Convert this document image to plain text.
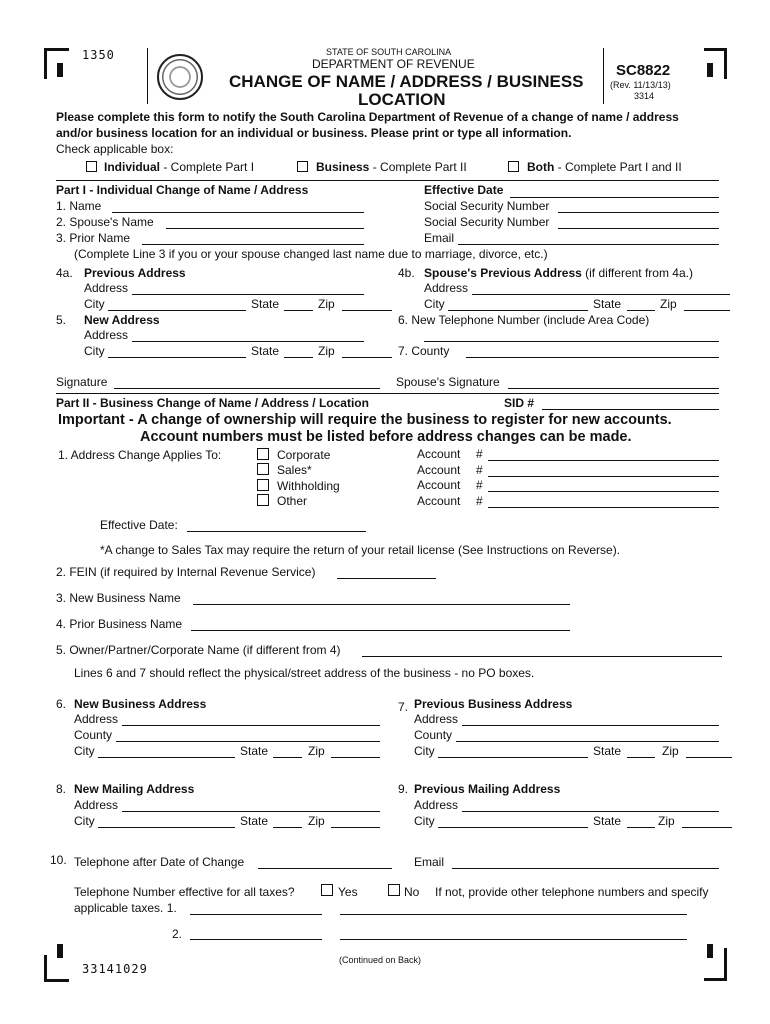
1350	STATE OF SOUTH CAROLINA
DEPARTMENT OF REVENUE
CHANGE OF NAME / ADDRESS / BUSINESS
LOCATION
SC8822
(Rev. 11/13/13)
3314
Please complete this form to notify the South Carolina Department of Revenue of a change of name / address
and/or business location for an individual or business. Please print or type all information.
Check applicable box:
Individual - Complete Part I	Business - Complete Part II	Both - Complete Part I and II
Part I - Individual Change of Name / Address	Effective Date
1. Name	Social Security Number
2. Spouse's Name	Social Security Number
3. Prior Name	Email
(Complete Line 3 if you or your spouse changed last name due to marriage, divorce, etc.)
4a. Previous Address
Address
City	State	Zip
4b. Spouse's Previous Address (if different from 4a.)
Address
City	State	Zip
5. New Address
Address
City	State	Zip
6. New Telephone Number (include Area Code)
7. County
Signature	Spouse's Signature
Part II - Business Change of Name / Address / Location	SID #
Important - A change of ownership will require the business to register for new accounts.
Account numbers must be listed before address changes can be made.
1. Address Change Applies To:	Corporate
Sales*
Withholding
Other
Account #
Account #
Account #
Account #
Effective Date:
*A change to Sales Tax may require the return of your retail license (See Instructions on Reverse).
2. FEIN (if required by Internal Revenue Service)
3. New Business Name
4. Prior Business Name
5. Owner/Partner/Corporate Name (if different from 4)
Lines 6 and 7 should reflect the physical/street address of the business - no PO boxes.
6. New Business Address
Address
County
City	State	Zip
7. Previous Business Address
Address
County
City	State	Zip
8. New Mailing Address
Address
City	State	Zip
9. Previous Mailing Address
Address
City	State	Zip
10. Telephone after Date of Change	Email
Telephone Number effective for all taxes?	Yes	No If not, provide other telephone numbers and specify
applicable taxes. 1.
2.
(Continued on Back)
33141029
